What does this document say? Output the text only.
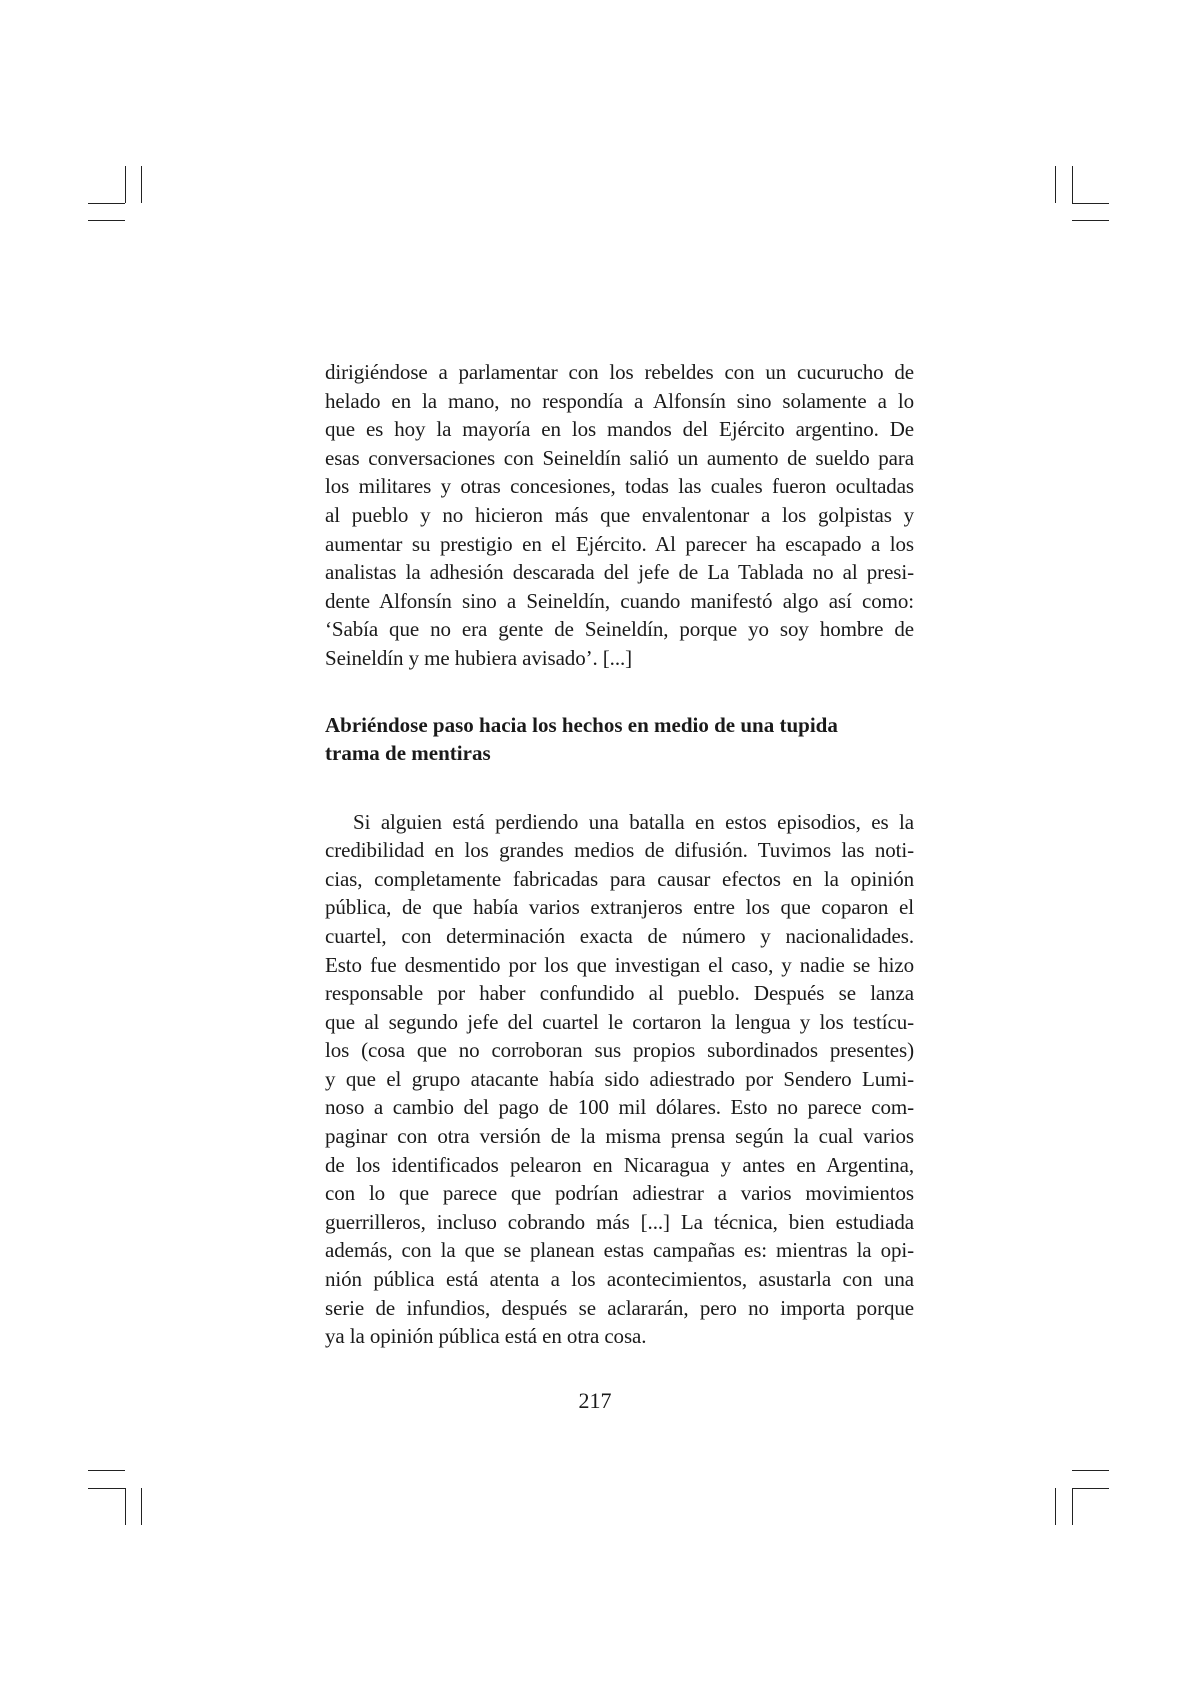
dirigiéndose a parlamentar con los rebeldes con un cucurucho de
helado en la mano, no respondía a Alfonsín sino solamente a lo
que es hoy la mayoría en los mandos del Ejército argentino. De
esas conversaciones con Seineldín salió un aumento de sueldo para
los militares y otras concesiones, todas las cuales fueron ocultadas
al pueblo y no hicieron más que envalentonar a los golpistas y
aumentar su prestigio en el Ejército. Al parecer ha escapado a los
analistas la adhesión descarada del jefe de La Tablada no al presi-
dente Alfonsín sino a Seineldín, cuando manifestó algo así como:
‘Sabía que no era gente de Seineldín, porque yo soy hombre de
Seineldín y me hubiera avisado’. [...]

Abriéndose paso hacia los hechos en medio de una tupida
trama de mentiras

Si alguien está perdiendo una batalla en estos episodios, es la
credibilidad en los grandes medios de difusión. Tuvimos las noti-
cias, completamente fabricadas para causar efectos en la opinión
pública, de que había varios extranjeros entre los que coparon el
cuartel, con determinación exacta de número y nacionalidades.
Esto fue desmentido por los que investigan el caso, y nadie se hizo
responsable por haber confundido al pueblo. Después se lanza
que al segundo jefe del cuartel le cortaron la lengua y los testícu-
los (cosa que no corroboran sus propios subordinados presentes)
y que el grupo atacante había sido adiestrado por Sendero Lumi-
noso a cambio del pago de 100 mil dólares. Esto no parece com-
paginar con otra versión de la misma prensa según la cual varios
de los identificados pelearon en Nicaragua y antes en Argentina,
con lo que parece que podrían adiestrar a varios movimientos
guerrilleros, incluso cobrando más [...] La técnica, bien estudiada
además, con la que se planean estas campañas es: mientras la opi-
nión pública está atenta a los acontecimientos, asustarla con una
serie de infundios, después se aclararán, pero no importa porque
ya la opinión pública está en otra cosa.

217
